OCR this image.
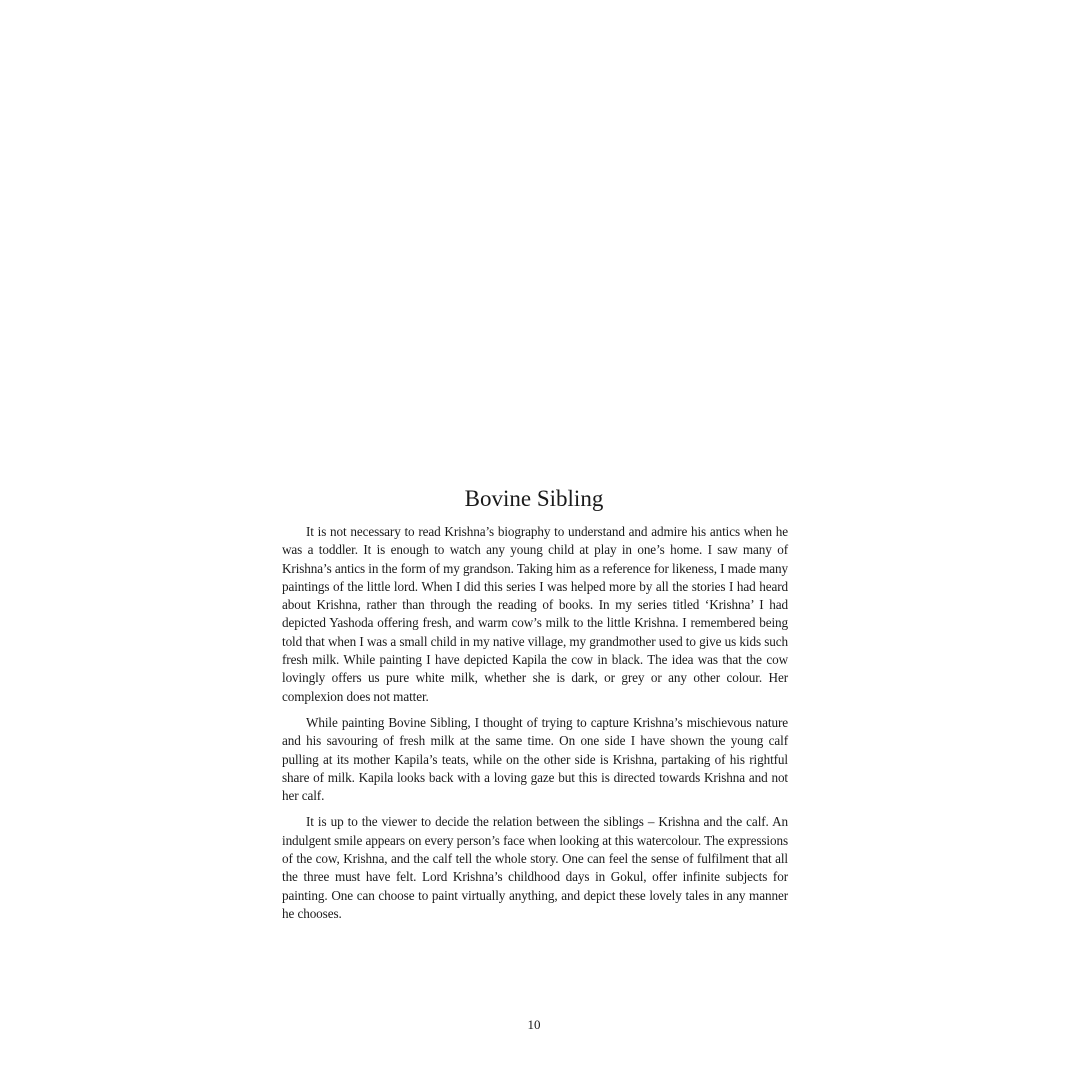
Bovine Sibling

It is not necessary to read Krishna’s biography to understand and admire his antics when he was a toddler. It is enough to watch any young child at play in one’s home. I saw many of Krishna’s antics in the form of my grandson. Taking him as a reference for likeness, I made many paintings of the little lord. When I did this series I was helped more by all the stories I had heard about Krishna, rather than through the reading of books. In my series titled ‘Krishna’ I had depicted Yashoda offering fresh, and warm cow’s milk to the little Krishna. I remembered being told that when I was a small child in my native village, my grandmother used to give us kids such fresh milk. While painting I have depicted Kapila the cow in black. The idea was that the cow lovingly offers us pure white milk, whether she is dark, or grey or any other colour. Her complexion does not matter.

While painting Bovine Sibling, I thought of trying to capture Krishna’s mischievous nature and his savouring of fresh milk at the same time. On one side I have shown the young calf pulling at its mother Kapila’s teats, while on the other side is Krishna, partaking of his rightful share of milk. Kapila looks back with a loving gaze but this is directed towards Krishna and not her calf.

It is up to the viewer to decide the relation between the siblings – Krishna and the calf. An indulgent smile appears on every person’s face when looking at this watercolour. The expressions of the cow, Krishna, and the calf tell the whole story. One can feel the sense of fulfilment that all the three must have felt. Lord Krishna’s childhood days in Gokul, offer infinite subjects for painting. One can choose to paint virtually anything, and depict these lovely tales in any manner he chooses.

10
